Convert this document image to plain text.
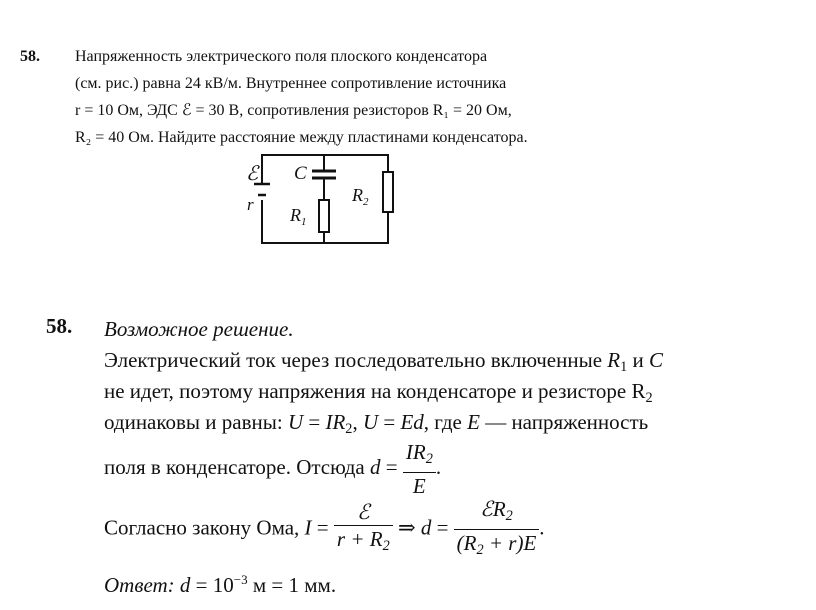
58. Напряженность электрического поля плоского конденсатора
(см. рис.) равна 24 кВ/м. Внутреннее сопротивление источника
r = 10 Ом, ЭДС ℰ = 30 В, сопротивления резисторов R₁ = 20 Ом,
R₂ = 40 Ом. Найдите расстояние между пластинами конденсатора.
ℰ
r
C
$R_1$
$R_2$
58. Возможное решение.
Электрический ток через последовательно включенные $R_1$ и C
не идет, поэтому напряжения на конденсаторе и резисторе $R_2$
одинаковы и равны: $U = IR_2$, U = Ed, где E — напряженность
поля в конденсаторе. Отсюда $d = \frac{IR_2}{E}$ .
Согласно закону Ома, $I = \frac{\text{ℰ}}{r + R_2}$ ⇒ $d = \frac{ℰR_2}{(R_2 + r)E}$ .
Ответ: $d = 10^{-3}$ м = 1 мм.
